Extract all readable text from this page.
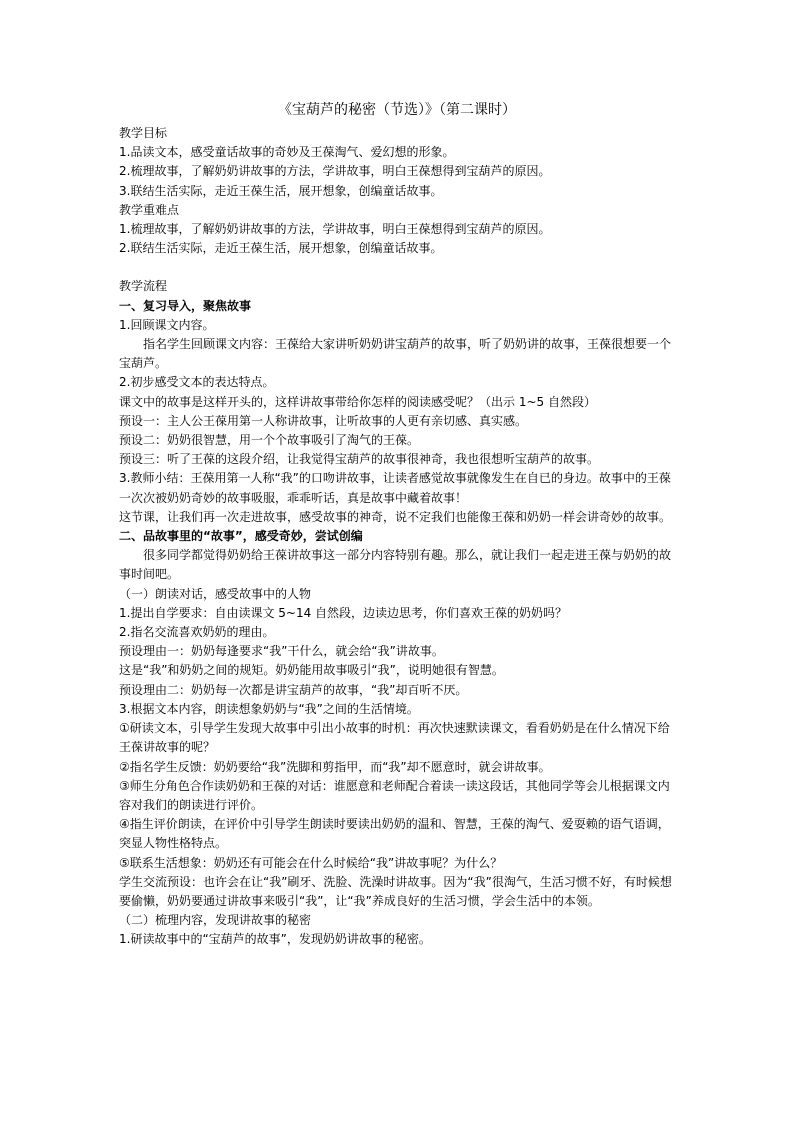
《宝葫芦的秘密（节选）》（第二课时）

教学目标

1.品读文本，感受童话故事的奇妙及王葆淘气、爱幻想的形象。

2.梳理故事，了解奶奶讲故事的方法，学讲故事，明白王葆想得到宝葫芦的原因。

3.联结生活实际，走近王葆生活，展开想象，创编童话故事。

教学重难点

1.梳理故事，了解奶奶讲故事的方法，学讲故事，明白王葆想得到宝葫芦的原因。

2.联结生活实际，走近王葆生活，展开想象，创编童话故事。

教学流程

一、复习导入，聚焦故事

1.回顾课文内容。

指名学生回顾课文内容：王葆给大家讲听奶奶讲宝葫芦的故事，听了奶奶讲的故事，王葆很想要一个宝葫芦。

2.初步感受文本的表达特点。

课文中的故事是这样开头的，这样讲故事带给你怎样的阅读感受呢？（出示 1~5 自然段）

预设一：主人公王葆用第一人称讲故事，让听故事的人更有亲切感、真实感。

预设二：奶奶很智慧，用一个个故事吸引了淘气的王葆。

预设三：听了王葆的这段介绍，让我觉得宝葫芦的故事很神奇，我也很想听宝葫芦的故事。

3.教师小结：王葆用第一人称“我”的口吻讲故事，让读者感觉故事就像发生在自已的身边。故事中的王葆一次次被奶奶奇妙的故事吸服，乖乖听话，真是故事中藏着故事！

这节课，让我们再一次走进故事，感受故事的神奇，说不定我们也能像王葆和奶奶一样会讲奇妙的故事。

二、品故事里的“故事”，感受奇妙，尝试创编

很多同学都觉得奶奶给王葆讲故事这一部分内容特别有趣。那么，就让我们一起走进王葆与奶奶的故事时间吧。

（一）朗读对话，感受故事中的人物

1.提出自学要求：自由读课文 5~14 自然段，边读边思考，你们喜欢王葆的奶奶吗？

2.指名交流喜欢奶奶的理由。

预设理由一：奶奶每逢要求“我”干什么，就会给“我”讲故事。

这是“我”和奶奶之间的规矩。奶奶能用故事吸引“我”，说明她很有智慧。

预设理由二：奶奶每一次都是讲宝葫芦的故事，“我”却百听不厌。

3.根据文本内容，朗读想象奶奶与“我”之间的生活情境。

①研读文本，引导学生发现大故事中引出小故事的时机：再次快速默读课文，看看奶奶是在什么情况下给王葆讲故事的呢？

②指名学生反馈：奶奶要给“我”洗脚和剪指甲，而“我”却不愿意时，就会讲故事。

③师生分角色合作读奶奶和王葆的对话：谁愿意和老师配合着读一读这段话，其他同学等会儿根据课文内容对我们的朗读进行评价。

④指生评价朗读，在评价中引导学生朗读时要读出奶奶的温和、智慧，王葆的淘气、爱耍赖的语气语调，突显人物性格特点。

⑤联系生活想象：奶奶还有可能会在什么时候给“我”讲故事呢？为什么？

学生交流预设：也许会在让“我”刷牙、洗脸、洗澡时讲故事。因为“我”很淘气，生活习惯不好，有时候想要偷懒，奶奶要通过讲故事来吸引“我”，让“我”养成良好的生活习惯，学会生活中的本领。

（二）梳理内容，发现讲故事的秘密

1.研读故事中的“宝葫芦的故事”，发现奶奶讲故事的秘密。
